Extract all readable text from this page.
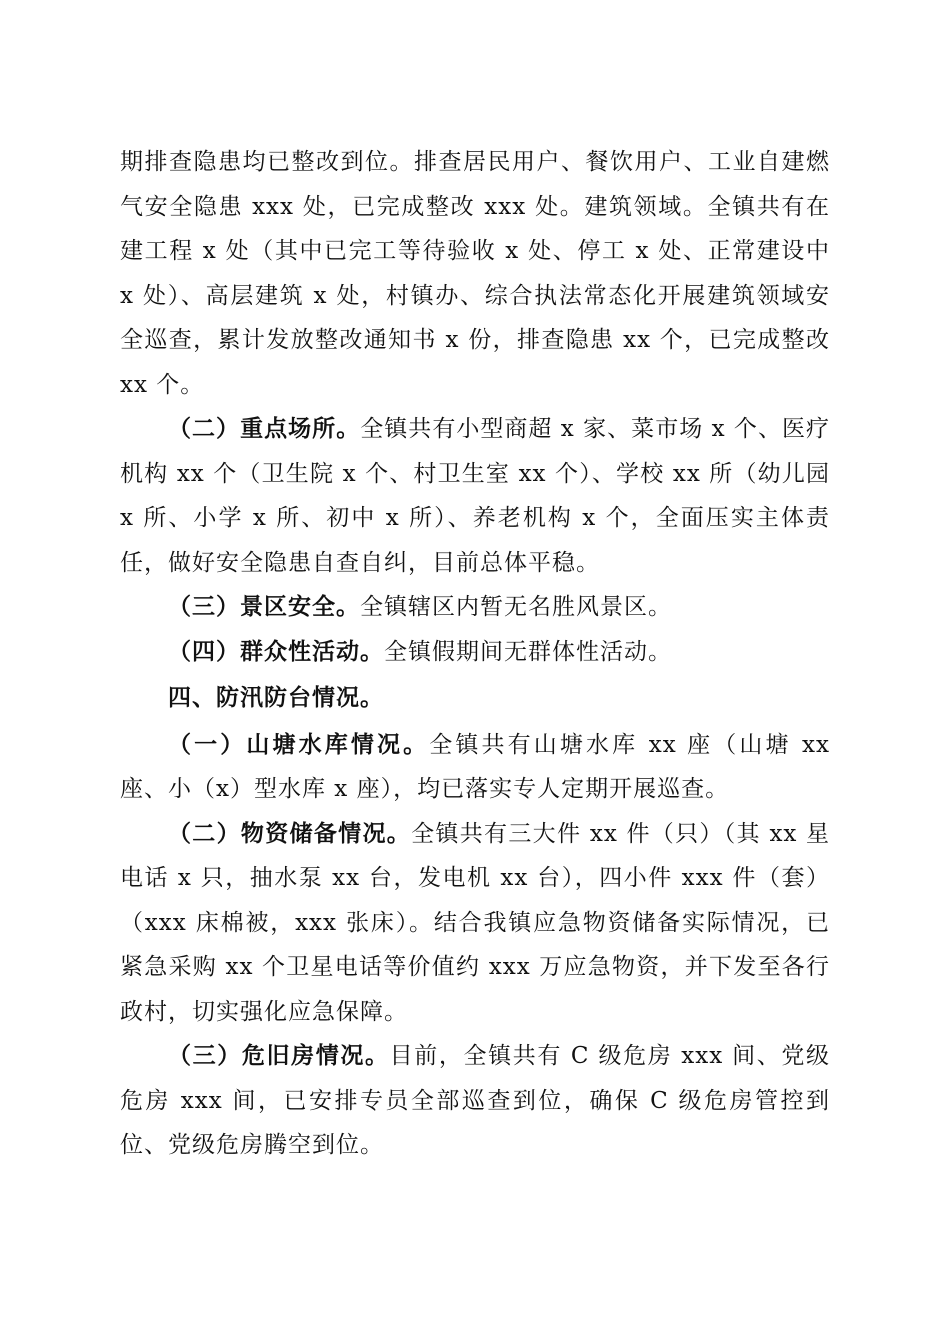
期排查隐患均已整改到位。排查居民用户、餐饮用户、工业自建燃气安全隐患 xxx 处，已完成整改 xxx 处。建筑领域。全镇共有在建工程 x 处（其中已完工等待验收 x 处、停工 x 处、正常建设中 x 处）、高层建筑 x 处，村镇办、综合执法常态化开展建筑领域安全巡查，累计发放整改通知书 x 份，排查隐患 xx 个，已完成整改 xx 个。

（二）重点场所。全镇共有小型商超 x 家、菜市场 x 个、医疗机构 xx 个（卫生院 x 个、村卫生室 xx 个）、学校 xx 所（幼儿园 x 所、小学 x 所、初中 x 所）、养老机构 x 个，全面压实主体责任，做好安全隐患自查自纠，目前总体平稳。

（三）景区安全。全镇辖区内暂无名胜风景区。

（四）群众性活动。全镇假期间无群体性活动。

四、防汛防台情况。

（一）山塘水库情况。全镇共有山塘水库 xx 座（山塘 xx 座、小（x）型水库 x 座），均已落实专人定期开展巡查。

（二）物资储备情况。全镇共有三大件 xx 件（只）（其 xx 星电话 x 只，抽水泵 xx 台，发电机 xx 台），四小件 xxx 件（套）（xxx 床棉被，xxx 张床）。结合我镇应急物资储备实际情况，已紧急采购 xx 个卫星电话等价值约 xxx 万应急物资，并下发至各行政村，切实强化应急保障。

（三）危旧房情况。目前，全镇共有 C 级危房 xxx 间、党级危房 xxx 间，已安排专员全部巡查到位，确保 C 级危房管控到位、党级危房腾空到位。
